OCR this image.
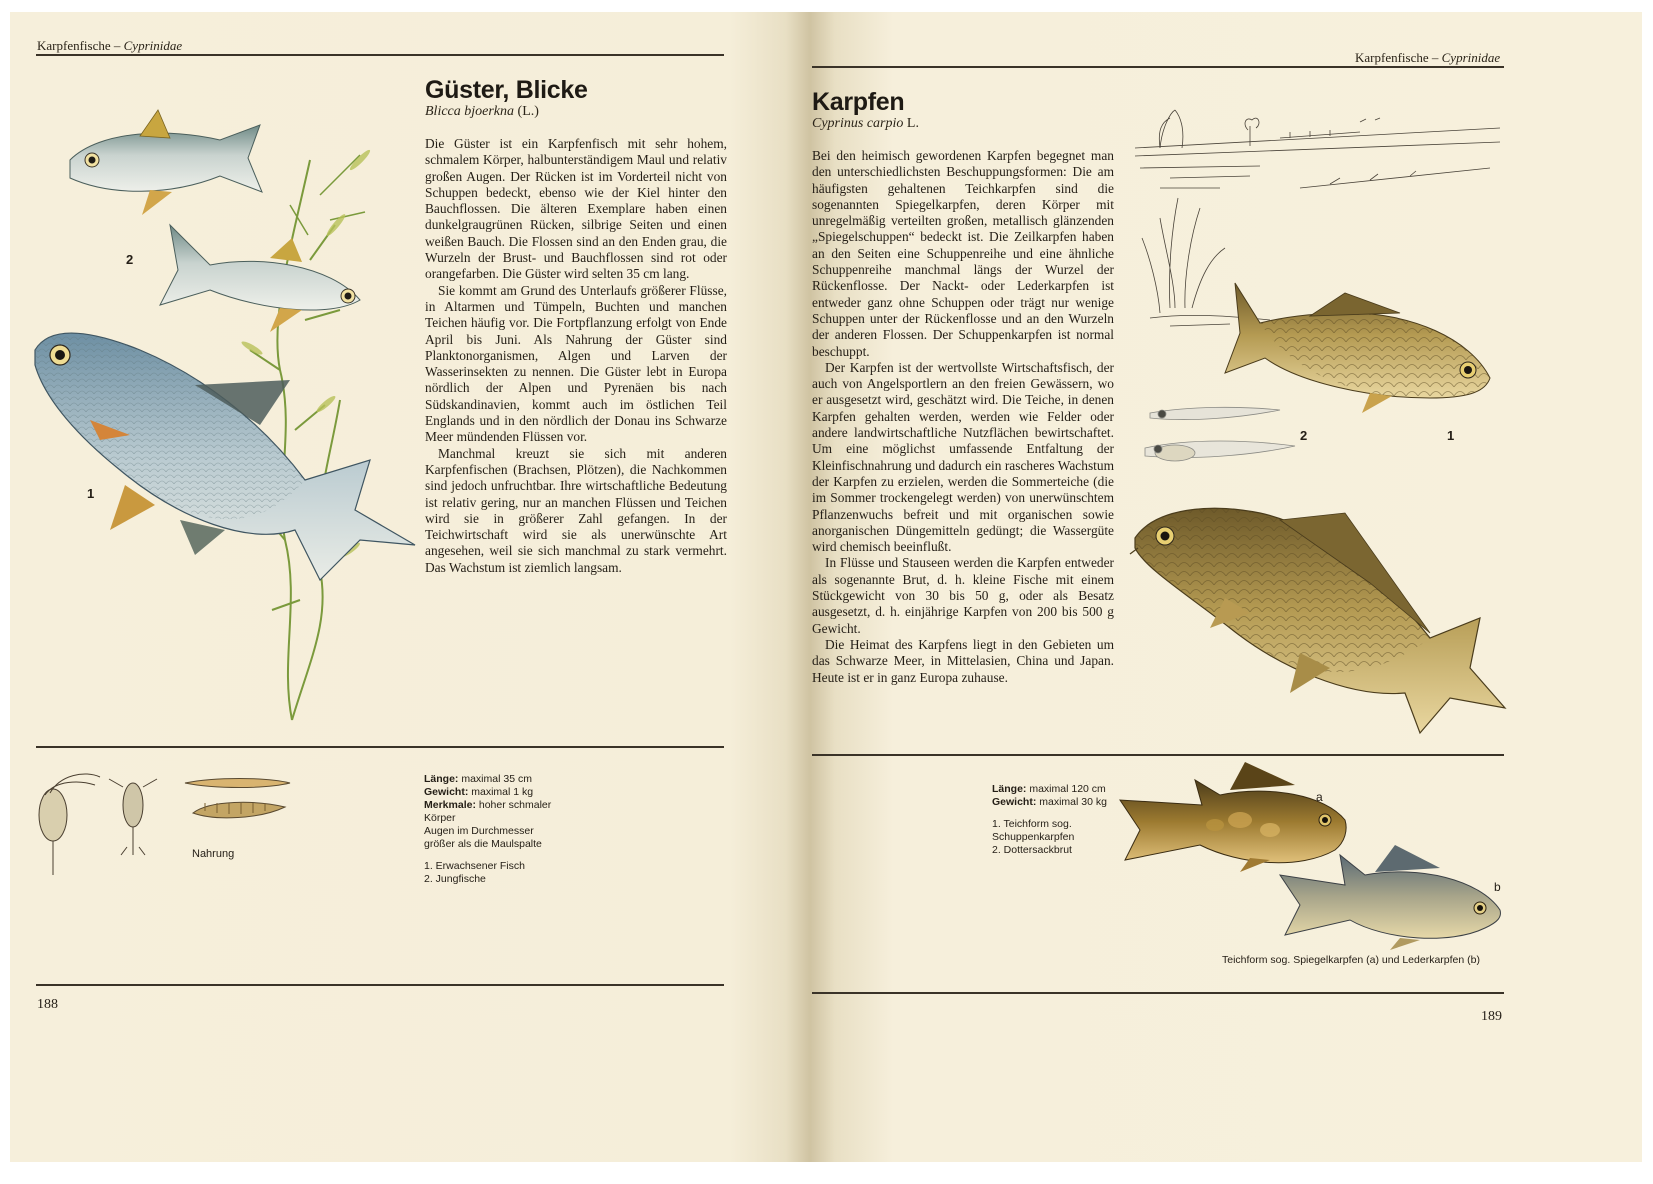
Karpfenfische – Cyprinidae
Güster, Blicke
Blicca bjoerkna (L.)

Die Güster ist ein Karpfenfisch mit sehr hohem, schmalem Körper, halbunterständigem Maul und relativ großen Augen. Der Rücken ist im Vorderteil nicht von Schuppen bedeckt, ebenso wie der Kiel hinter den Bauchflossen. Die älteren Exemplare haben einen dunkelgraugrünen Rücken, silbrige Seiten und einen weißen Bauch. Die Flossen sind an den Enden grau, die Wurzeln der Brust- und Bauchflossen sind rot oder orangefarben. Die Güster wird selten 35 cm lang.

Sie kommt am Grund des Unterlaufs größerer Flüsse, in Altarmen und Tümpeln, Buchten und manchen Teichen häufig vor. Die Fortpflanzung erfolgt von Ende April bis Juni. Als Nahrung der Güster sind Planktonorganismen, Algen und Larven der Wasserinsekten zu nennen. Die Güster lebt in Europa nördlich der Alpen und Pyrenäen bis nach Südskandinavien, kommt auch im östlichen Teil Englands und in den nördlich der Donau ins Schwarze Meer mündenden Flüssen vor.

Manchmal kreuzt sie sich mit anderen Karpfenfischen (Brachsen, Plötzen), die Nachkommen sind jedoch unfruchtbar. Ihre wirtschaftliche Bedeutung ist relativ gering, nur an manchen Flüssen und Teichen wird sie in größerer Zahl gefangen. In der Teichwirtschaft wird sie als unerwünschte Art angesehen, weil sie sich manchmal zu stark vermehrt. Das Wachstum ist ziemlich langsam.

2
1
Nahrung
Länge: maximal 35 cm
Gewicht: maximal 1 kg
Merkmale: hoher schmaler
Körper
Augen im Durchmesser
größer als die Maulspalte
1. Erwachsener Fisch
2. Jungfische
188
Karpfenfische – Cyprinidae
Karpfen
Cyprinus carpio L.

Bei den heimisch gewordenen Karpfen begegnet man den unterschiedlichsten Beschuppungsformen: Die am häufigsten gehaltenen Teichkarpfen sind die sogenannten Spiegelkarpfen, deren Körper mit unregelmäßig verteilten großen, metallisch glänzenden „Spiegelschuppen“ bedeckt ist. Die Zeilkarpfen haben an den Seiten eine Schuppenreihe und eine ähnliche Schuppenreihe manchmal längs der Wurzel der Rückenflosse. Der Nackt- oder Lederkarpfen ist entweder ganz ohne Schuppen oder trägt nur wenige Schuppen unter der Rückenflosse und an den Wurzeln der anderen Flossen. Der Schuppenkarpfen ist normal beschuppt.

Der Karpfen ist der wertvollste Wirtschaftsfisch, der auch von Angelsportlern an den freien Gewässern, wo er ausgesetzt wird, geschätzt wird. Die Teiche, in denen Karpfen gehalten werden, werden wie Felder oder andere landwirtschaftliche Nutzflächen bewirtschaftet. Um eine möglichst umfassende Entfaltung der Kleinfischnahrung und dadurch ein rascheres Wachstum der Karpfen zu erzielen, werden die Sommerteiche (die im Sommer trockengelegt werden) von unerwünschtem Pflanzenwuchs befreit und mit organischen sowie anorganischen Düngemitteln gedüngt; die Wassergüte wird chemisch beeinflußt.

In Flüsse und Stauseen werden die Karpfen entweder als sogenannte Brut, d. h. kleine Fische mit einem Stückgewicht von 30 bis 50 g, oder als Besatz ausgesetzt, d. h. einjährige Karpfen von 200 bis 500 g Gewicht.

Die Heimat des Karpfens liegt in den Gebieten um das Schwarze Meer, in Mittelasien, China und Japan. Heute ist er in ganz Europa zuhause.

1
2
Länge: maximal 120 cm
Gewicht: maximal 30 kg
1. Teichform sog.
Schuppenkarpfen
2. Dottersackbrut
a
b
Teichform sog. Spiegelkarpfen (a) und Lederkarpfen (b)
189
